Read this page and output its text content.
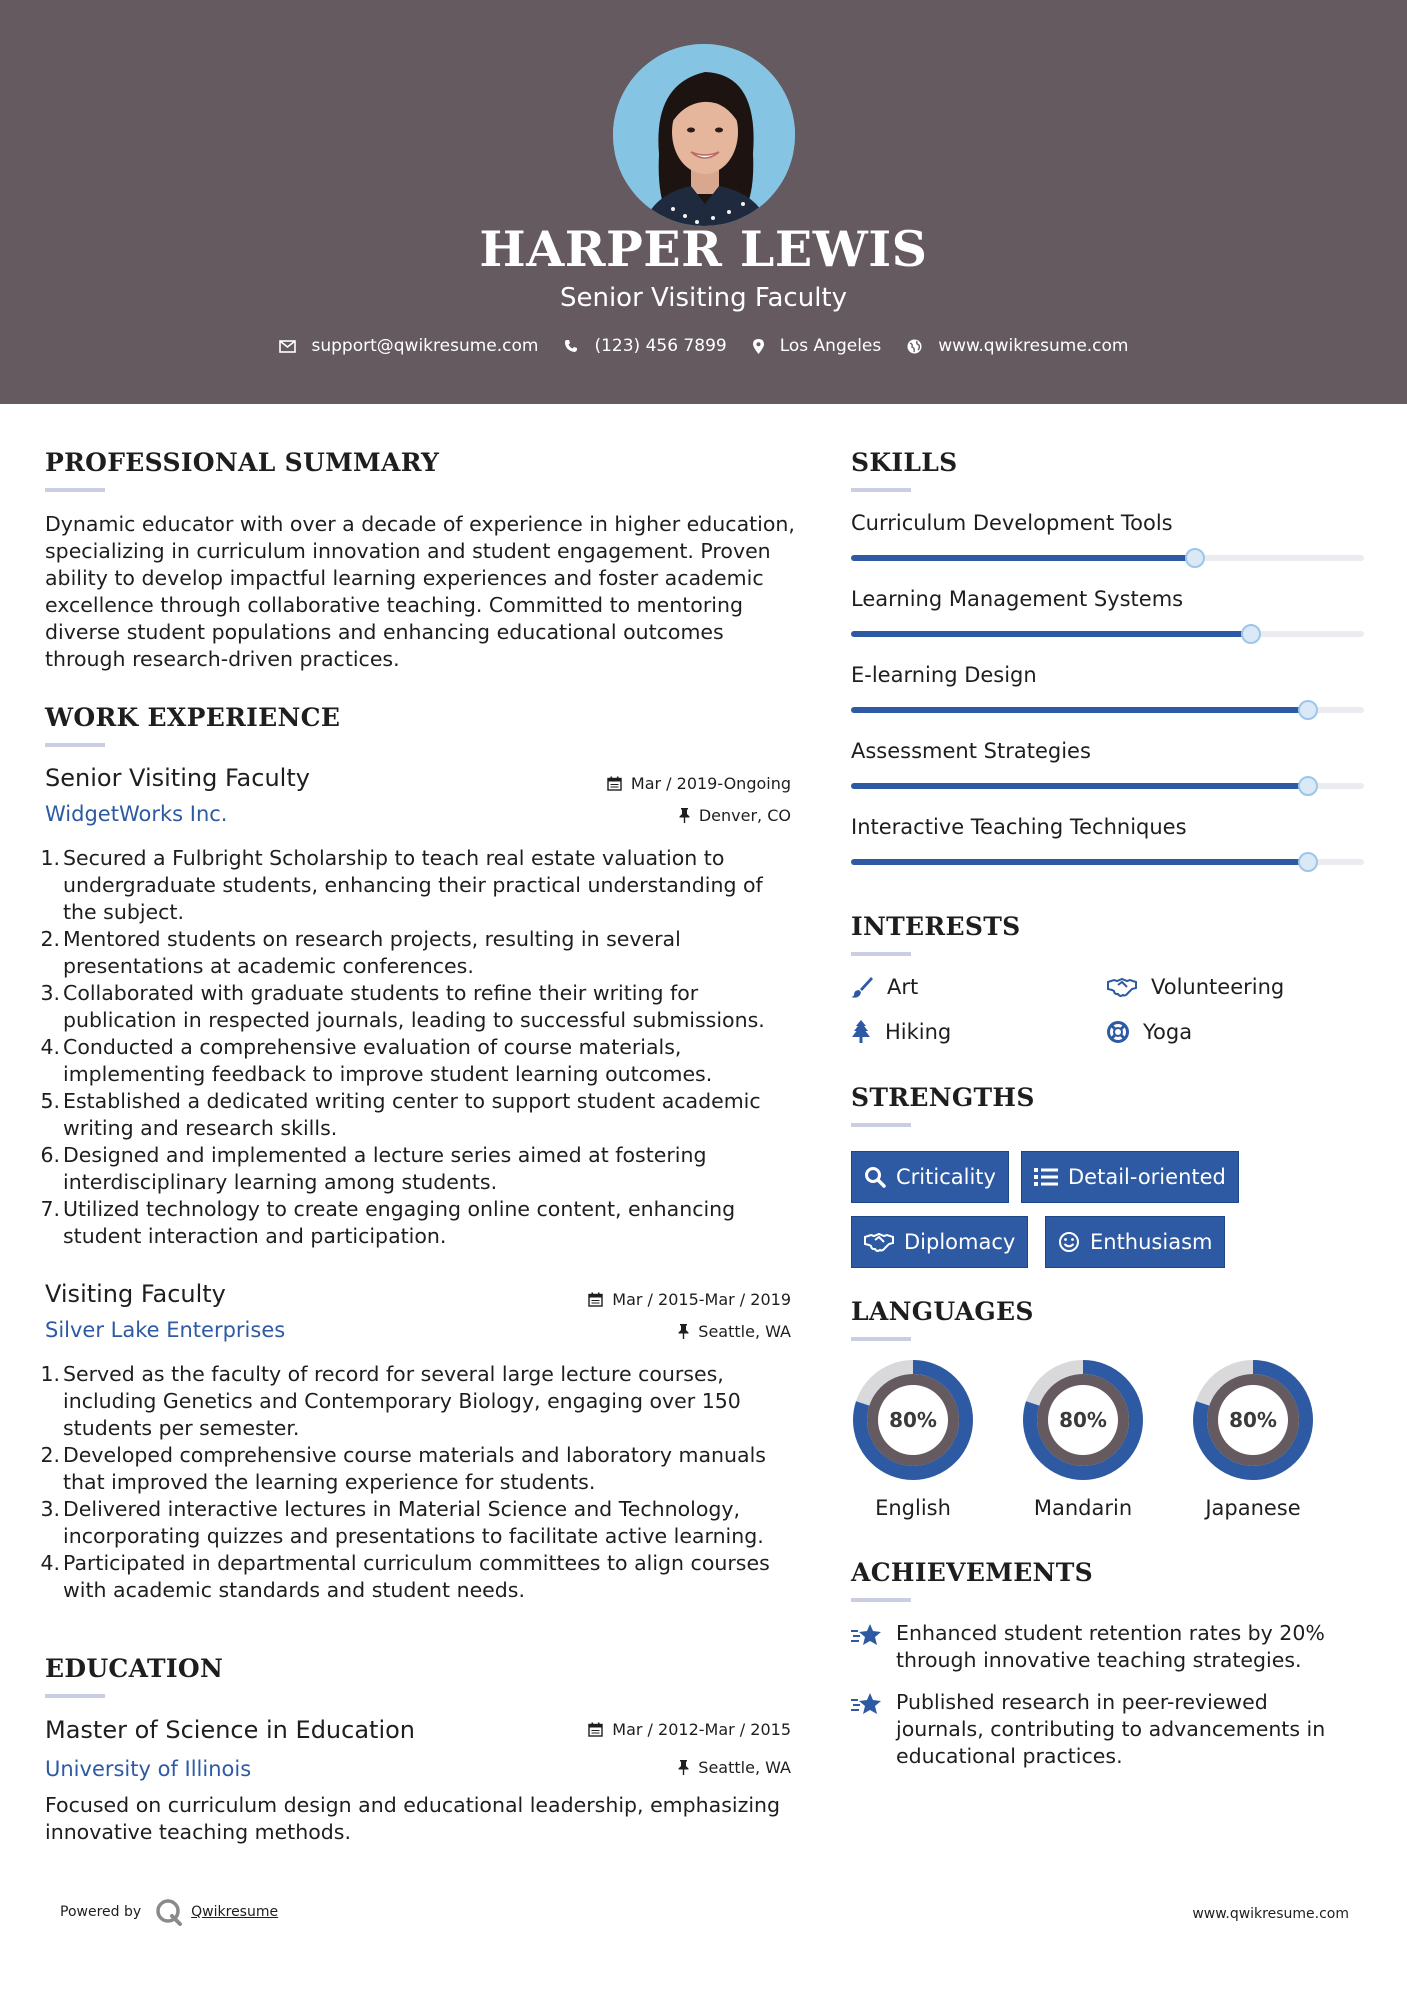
HARPER LEWIS
Senior Visiting Faculty
support@qwikresume.com	(123) 456 7899	Los Angeles	www.qwikresume.com
PROFESSIONAL SUMMARY
Dynamic educator with over a decade of experience in higher education, specializing in curriculum innovation and student engagement. Proven ability to develop impactful learning experiences and foster academic excellence through collaborative teaching. Committed to mentoring diverse student populations and enhancing educational outcomes through research-driven practices.
WORK EXPERIENCE
Senior Visiting Faculty
WidgetWorks Inc.
Mar / 2019-Ongoing
Denver, CO
1. Secured a Fulbright Scholarship to teach real estate valuation to undergraduate students, enhancing their practical understanding of the subject.
2. Mentored students on research projects, resulting in several presentations at academic conferences.
3. Collaborated with graduate students to refine their writing for publication in respected journals, leading to successful submissions.
4. Conducted a comprehensive evaluation of course materials, implementing feedback to improve student learning outcomes.
5. Established a dedicated writing center to support student academic writing and research skills.
6. Designed and implemented a lecture series aimed at fostering interdisciplinary learning among students.
7. Utilized technology to create engaging online content, enhancing student interaction and participation.
Visiting Faculty
Silver Lake Enterprises
Mar / 2015-Mar / 2019
Seattle, WA
1. Served as the faculty of record for several large lecture courses, including Genetics and Contemporary Biology, engaging over 150 students per semester.
2. Developed comprehensive course materials and laboratory manuals that improved the learning experience for students.
3. Delivered interactive lectures in Material Science and Technology, incorporating quizzes and presentations to facilitate active learning.
4. Participated in departmental curriculum committees to align courses with academic standards and student needs.
EDUCATION
Master of Science in Education
University of Illinois
Mar / 2012-Mar / 2015
Seattle, WA
Focused on curriculum design and educational leadership, emphasizing innovative teaching methods.
SKILLS
Curriculum Development Tools
Learning Management Systems
E-learning Design
Assessment Strategies
Interactive Teaching Techniques
INTERESTS
Art	Volunteering
Hiking	Yoga
STRENGTHS
Criticality	Detail-oriented
Diplomacy	Enthusiasm
LANGUAGES
80%
English
80%
Mandarin
80%
Japanese
ACHIEVEMENTS
Enhanced student retention rates by 20% through innovative teaching strategies.
Published research in peer-reviewed journals, contributing to advancements in educational practices.
Powered by	Qwikresume	www.qwikresume.com
